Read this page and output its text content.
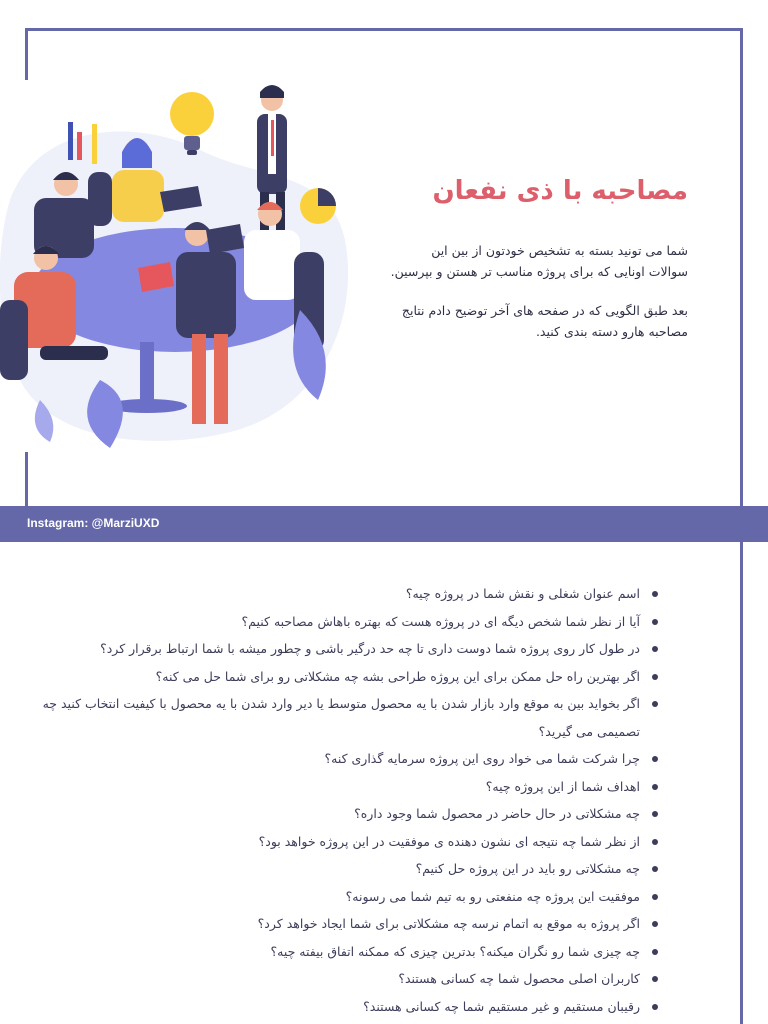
مصاحبه با ذی نفعان

شما می تونید بسته به تشخیص خودتون از بین این سوالات اونایی که برای پروژه مناسب تر هستن و بپرسین.

بعد طبق الگویی که در صفحه های آخر توضیح دادم نتایج مصاحبه هارو دسته بندی کنید.

Instagram: @MarziUXD
اسم عنوان شغلی و نقش شما در پروژه چیه؟
آیا از نظر شما شخص دیگه ای در پروژه هست که بهتره باهاش مصاحبه کنیم؟
در طول کار روی پروژه شما دوست داری تا چه حد درگیر باشی و چطور میشه با شما ارتباط برقرار کرد؟
اگر بهترین راه حل ممکن برای این پروژه طراحی بشه چه مشکلاتی رو برای شما حل می کنه؟
اگر بخواید بین به موقع وارد بازار شدن با یه محصول متوسط یا دیر وارد شدن با یه محصول با کیفیت انتخاب کنید چه تصمیمی می گیرید؟
چرا شرکت شما می خواد روی این پروژه سرمایه گذاری کنه؟
اهداف شما از این پروژه چیه؟
چه مشکلاتی در حال حاضر در محصول شما وجود داره؟
از نظر شما چه نتیجه ای نشون دهنده ی موفقیت در این پروژه خواهد بود؟
چه مشکلاتی رو باید در این پروژه حل کنیم؟
موفقیت این پروژه چه منفعتی رو به تیم شما می رسونه؟
اگر پروژه به موقع به اتمام نرسه چه مشکلاتی برای شما ایجاد خواهد کرد؟
چه چیزی شما رو نگران میکنه؟ بدترین چیزی که ممکنه اتفاق بیفته چیه؟
کاربران اصلی محصول شما چه کسانی هستند؟
رقیبان مستقیم و غیر مستقیم شما چه کسانی هستند؟
